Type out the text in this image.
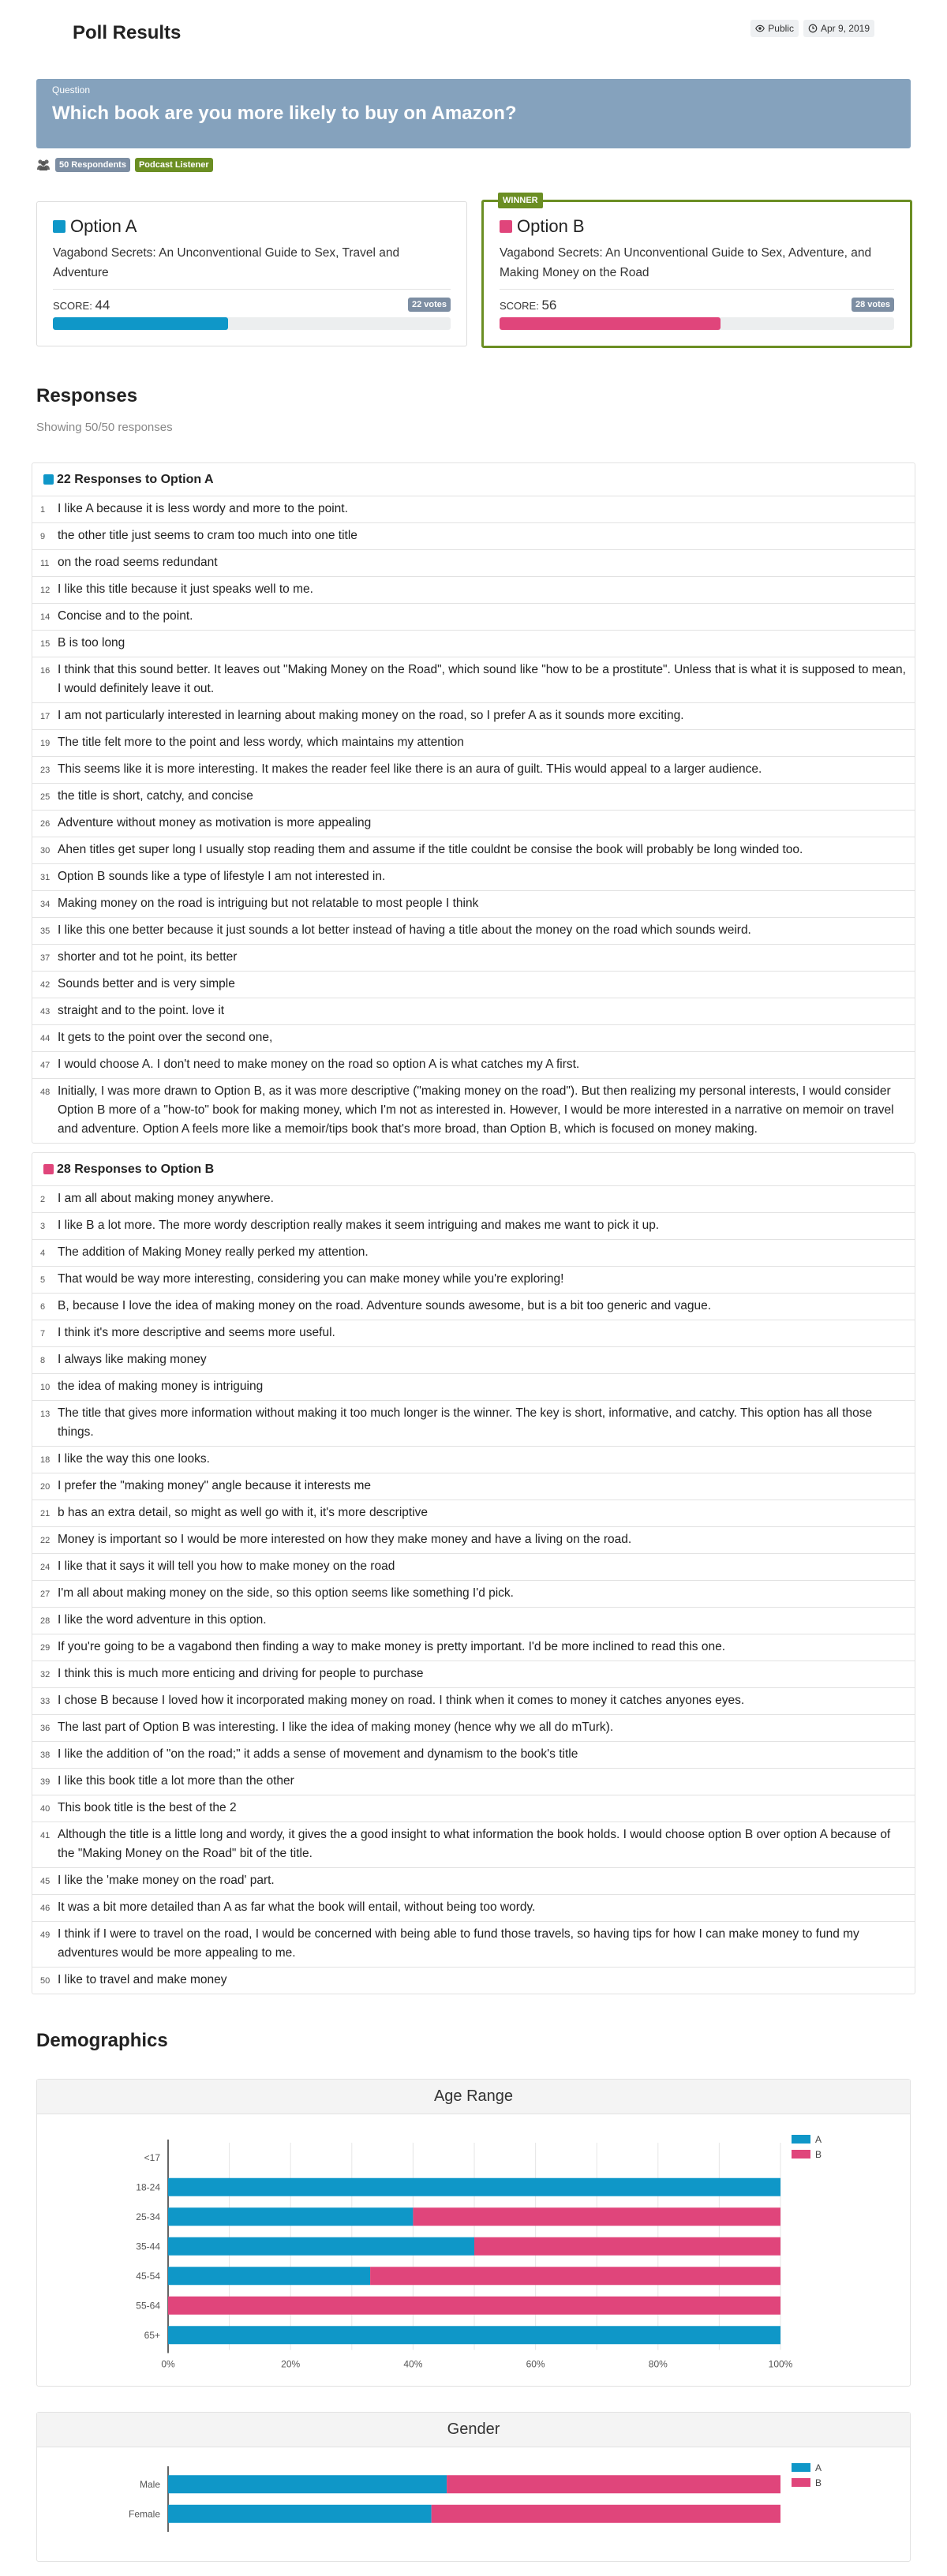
Poll Results	Public	Apr 9, 2019
Question
Which book are you more likely to buy on Amazon?
50 Respondents	Podcast Listener
Option A
Vagabond Secrets: An Unconventional Guide to Sex, Travel and Adventure
SCORE: 44	22 votes
WINNER
Option B
Vagabond Secrets: An Unconventional Guide to Sex, Adventure, and Making Money on the Road
SCORE: 56	28 votes
Responses
Showing 50/50 responses
22 Responses to Option A
1	I like A because it is less wordy and more to the point.
9	the other title just seems to cram too much into one title
11 on the road seems redundant
12 I like this title because it just speaks well to me.
14 Concise and to the point.
15 B is too long
16 I think that this sound better. It leaves out "Making Money on the Road", which sound like "how to be a prostitute". Unless that is what it is supposed to mean, I would definitely leave it out.
17 I am not particularly interested in learning about making money on the road, so I prefer A as it sounds more exciting.
19 The title felt more to the point and less wordy, which maintains my attention
23 This seems like it is more interesting. It makes the reader feel like there is an aura of guilt. THis would appeal to a larger audience.
25 the title is short, catchy, and concise
26 Adventure without money as motivation is more appealing
30 Ahen titles get super long I usually stop reading them and assume if the title couldnt be consise the book will probably be long winded too.
31 Option B sounds like a type of lifestyle I am not interested in.
34 Making money on the road is intriguing but not relatable to most people I think
35 I like this one better because it just sounds a lot better instead of having a title about the money on the road which sounds weird.
37 shorter and tot he point, its better
42 Sounds better and is very simple
43 straight and to the point. love it
44 It gets to the point over the second one,
47 I would choose A. I don't need to make money on the road so option A is what catches my A first.
48 Initially, I was more drawn to Option B, as it was more descriptive ("making money on the road"). But then realizing my personal interests, I would consider Option B more of a "how-to" book for making money, which I'm not as interested in. However, I would be more interested in a narrative on memoir on travel and adventure. Option A feels more like a memoir/tips book that's more broad, than Option B, which is focused on money making.
28 Responses to Option B
2	I am all about making money anywhere.
3	I like B a lot more. The more wordy description really makes it seem intriguing and makes me want to pick it up.
4	The addition of Making Money really perked my attention.
5	That would be way more interesting, considering you can make money while you're exploring!
6	B, because I love the idea of making money on the road. Adventure sounds awesome, but is a bit too generic and vague.
7	I think it's more descriptive and seems more useful.
8	I always like making money
10 the idea of making money is intriguing
13 The title that gives more information without making it too much longer is the winner. The key is short, informative, and catchy. This option has all those things.
18 I like the way this one looks.
20 I prefer the "making money" angle because it interests me
21 b has an extra detail, so might as well go with it, it's more descriptive
22 Money is important so I would be more interested on how they make money and have a living on the road.
24 I like that it says it will tell you how to make money on the road
27 I'm all about making money on the side, so this option seems like something I'd pick.
28 I like the word adventure in this option.
29 If you're going to be a vagabond then finding a way to make money is pretty important. I'd be more inclined to read this one.
32 I think this is much more enticing and driving for people to purchase
33 I chose B because I loved how it incorporated making money on road. I think when it comes to money it catches anyones eyes.
36 The last part of Option B was interesting. I like the idea of making money (hence why we all do mTurk).
38 I like the addition of "on the road;" it adds a sense of movement and dynamism to the book's title
39 I like this book title a lot more than the other
40 This book title is the best of the 2
41 Although the title is a little long and wordy, it gives the a good insight to what information the book holds. I would choose option B over option A because of the "Making Money on the Road" bit of the title.
45 I like the 'make money on the road' part.
46 It was a bit more detailed than A as far what the book will entail, without being too wordy.
49 I think if I were to travel on the road, I would be concerned with being able to fund those travels, so having tips for how I can make money to fund my adventures would be more appealing to me.
50 I like to travel and make money
Demographics
Age Range
<17
18-24
25-34
35-44
45-54
55-64
65+
0%	20%	40%	60%	80%	100%
A
B
Gender
Male
Female
A
B
